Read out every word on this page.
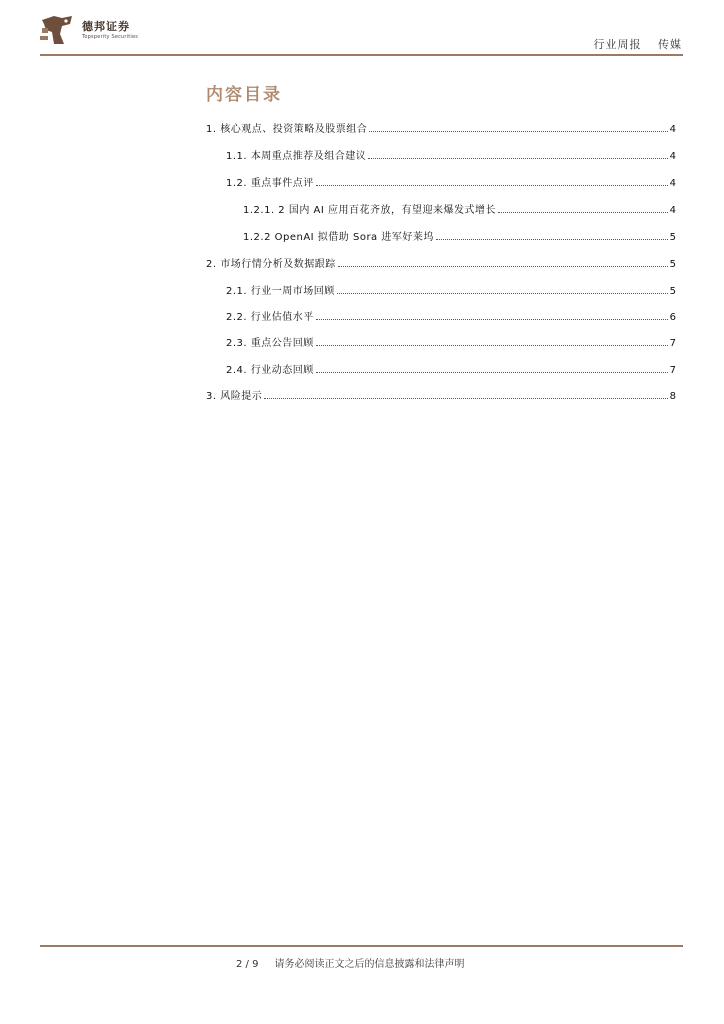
德邦证券
Topsperity Securities
行业周报 传媒
内容目录
1. 核心观点、投资策略及股票组合	4
1.1. 本周重点推荐及组合建议	4
1.2. 重点事件点评	4
1.2.1. 2 国内 AI 应用百花齐放，有望迎来爆发式增长	4
1.2.2 OpenAI 拟借助 Sora 进军好莱坞	5
2. 市场行情分析及数据跟踪	5
2.1. 行业一周市场回顾	5
2.2. 行业估值水平	6
2.3. 重点公告回顾	7
2.4. 行业动态回顾	7
3. 风险提示	8
2 / 9 请务必阅读正文之后的信息披露和法律声明
